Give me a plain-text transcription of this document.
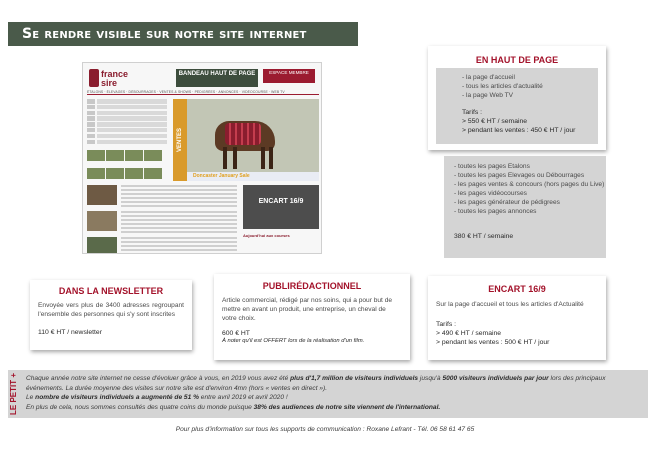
Se rendre visible sur notre site internet
france
sire
BANDEAU HAUT DE PAGE	ESPACE MEMBRE
ÉTALONS · ÉLEVAGES · DÉBOURRAGES · VENTES & SHOWS · PÉDIGRÉES · ANNONCES · VIDÉOCOURSE · WEB TV
VENTES
Doncaster January Sale
ENCART 16/9
Aujourd'hui aux courses
EN HAUT DE PAGE
- la page d'accueil
- tous les articles d'actualité
- la page Web TV
Tarifs :
> 550 € HT / semaine
> pendant les ventes : 450 € HT / jour
- toutes les pages Etalons
- toutes les pages Elevages ou Débourrages
- les pages ventes & concours (hors pages du Live)
- les pages vidéocourses
- les pages générateur de pédigrees
- toutes les pages annonces
380 € HT / semaine
DANS LA NEWSLETTER
Envoyée vers plus de 3400 adresses regroupant l'ensemble des personnes qui s'y sont inscrites
110 € HT / newsletter
PUBLIRÉDACTIONNEL
Article commercial, rédigé par nos soins, qui a pour but de mettre en avant un produit, une entreprise, un cheval de votre choix.
600 € HT
À noter qu'il est OFFERT lors de la réalisation d'un film.
ENCART 16/9
Sur la page d'accueil et tous les articles d'Actualité
Tarifs :
> 490 € HT / semaine
> pendant les ventes : 500 € HT / jour
LE PETIT +	Chaque année notre site internet ne cesse d'évoluer grâce à vous, en 2019 vous avez été plus d'1,7 million de visiteurs individuels jusqu'à 5000 visiteurs individuels par jour lors des principaux événements. La durée moyenne des visites sur notre site est d'environ 4mn (hors « ventes en direct »).
Le nombre de visiteurs individuels a augmenté de 51 % entre avril 2019 et avril 2020 !
En plus de cela, nous sommes consultés des quatre coins du monde puisque 38% des audiences de notre site viennent de l'international.
Pour plus d'information sur tous les supports de communication : Roxane Lefrant - Tél. 06 58 61 47 65
